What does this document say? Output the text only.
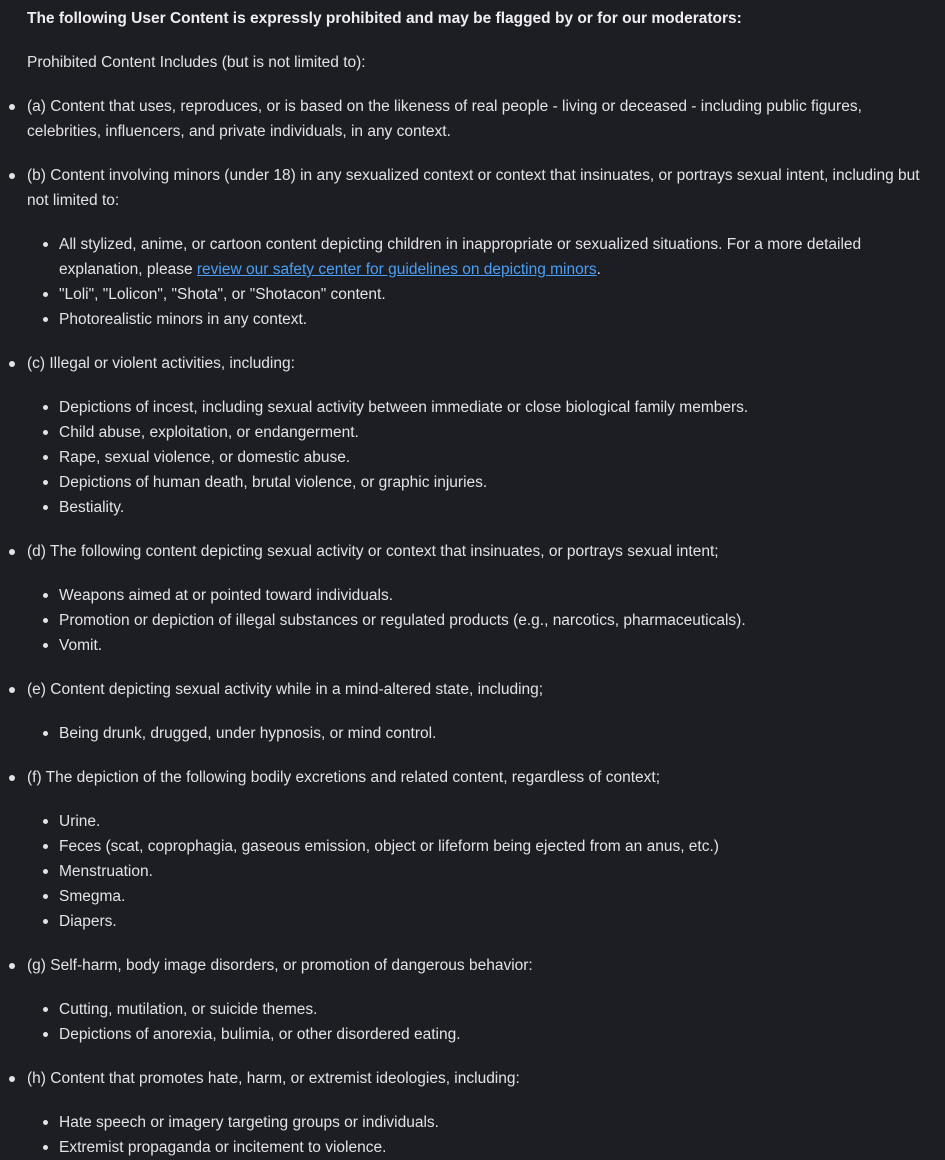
The following User Content is expressly prohibited and may be flagged by or for our moderators:
Prohibited Content Includes (but is not limited to):
(a) Content that uses, reproduces, or is based on the likeness of real people - living or deceased - including public figures, celebrities, influencers, and private individuals, in any context.
(b) Content involving minors (under 18) in any sexualized context or context that insinuates, or portrays sexual intent, including but not limited to:
All stylized, anime, or cartoon content depicting children in inappropriate or sexualized situations. For a more detailed explanation, please review our safety center for guidelines on depicting minors.
"Loli", "Lolicon", "Shota", or "Shotacon" content.
Photorealistic minors in any context.
(c) Illegal or violent activities, including:
Depictions of incest, including sexual activity between immediate or close biological family members.
Child abuse, exploitation, or endangerment.
Rape, sexual violence, or domestic abuse.
Depictions of human death, brutal violence, or graphic injuries.
Bestiality.
(d) The following content depicting sexual activity or context that insinuates, or portrays sexual intent;
Weapons aimed at or pointed toward individuals.
Promotion or depiction of illegal substances or regulated products (e.g., narcotics, pharmaceuticals).
Vomit.
(e) Content depicting sexual activity while in a mind-altered state, including;
Being drunk, drugged, under hypnosis, or mind control.
(f) The depiction of the following bodily excretions and related content, regardless of context;
Urine.
Feces (scat, coprophagia, gaseous emission, object or lifeform being ejected from an anus, etc.)
Menstruation.
Smegma.
Diapers.
(g) Self-harm, body image disorders, or promotion of dangerous behavior:
Cutting, mutilation, or suicide themes.
Depictions of anorexia, bulimia, or other disordered eating.
(h) Content that promotes hate, harm, or extremist ideologies, including:
Hate speech or imagery targeting groups or individuals.
Extremist propaganda or incitement to violence.
